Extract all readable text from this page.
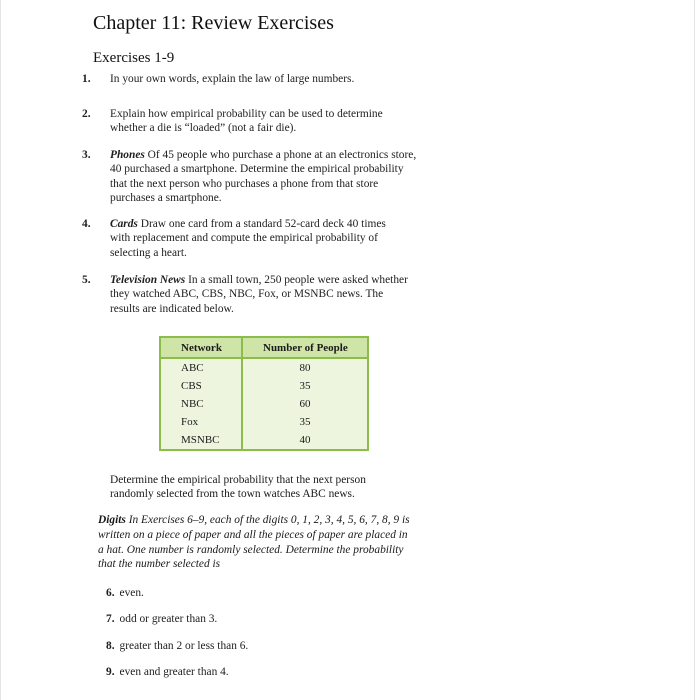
Chapter 11: Review Exercises
Exercises 1-9
1. In your own words, explain the law of large numbers.
2. Explain how empirical probability can be used to determine whether a die is “loaded” (not a fair die).
3. Phones Of 45 people who purchase a phone at an electronics store, 40 purchased a smartphone. Determine the empirical probability that the next person who purchases a phone from that store purchases a smartphone.
4. Cards Draw one card from a standard 52-card deck 40 times with replacement and compute the empirical probability of selecting a heart.
5. Television News In a small town, 250 people were asked whether they watched ABC, CBS, NBC, Fox, or MSNBC news. The results are indicated below.
Network	Number of People
ABC	80
CBS	35
NBC	60
Fox	35
MSNBC	40
Determine the empirical probability that the next person randomly selected from the town watches ABC news.
Digits In Exercises 6–9, each of the digits 0, 1, 2, 3, 4, 5, 6, 7, 8, 9 is written on a piece of paper and all the pieces of paper are placed in a hat. One number is randomly selected. Determine the probability that the number selected is
6. even.
7. odd or greater than 3.
8. greater than 2 or less than 6.
9. even and greater than 4.
